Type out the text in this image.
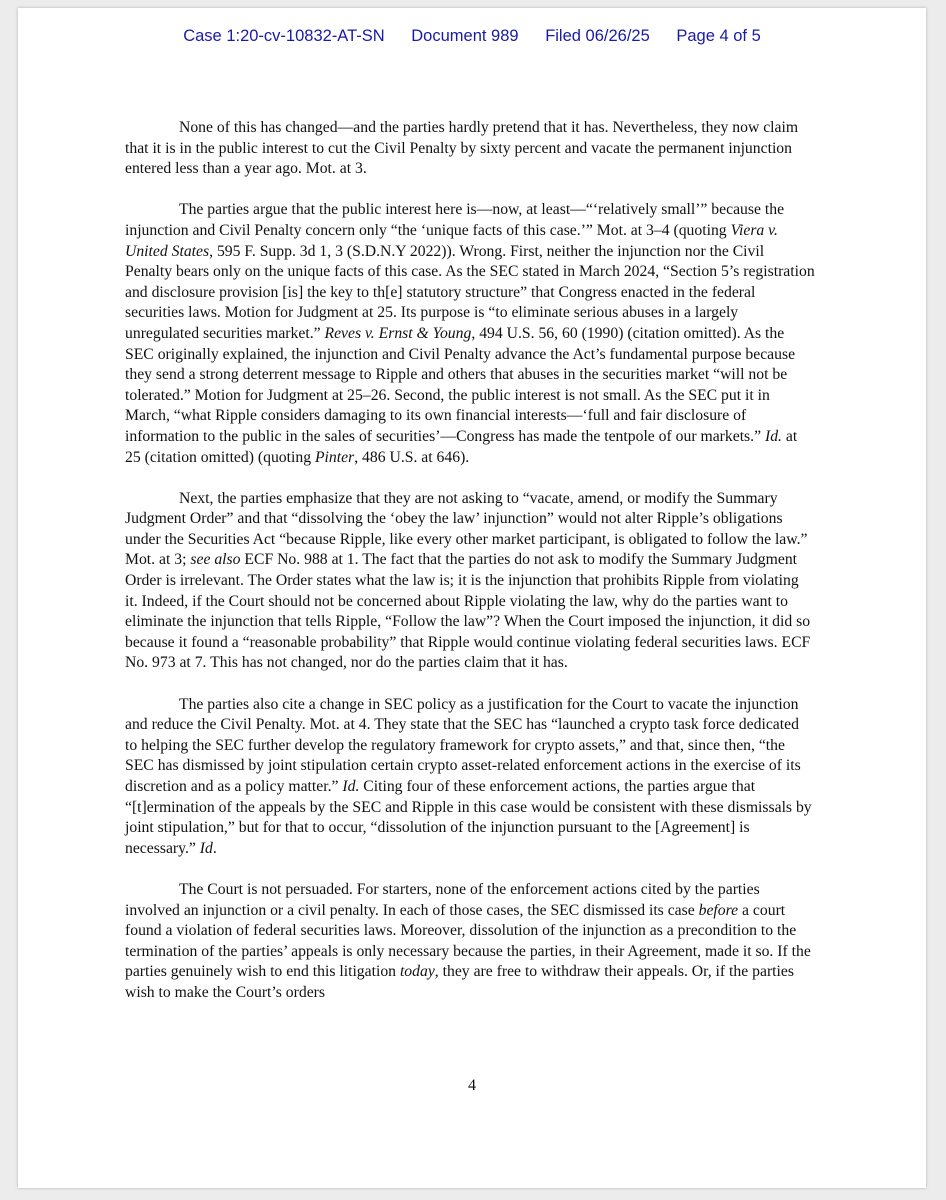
Case 1:20-cv-10832-AT-SN Document 989 Filed 06/26/25 Page 4 of 5

None of this has changed—and the parties hardly pretend that it has. Nevertheless, they now claim that it is in the public interest to cut the Civil Penalty by sixty percent and vacate the permanent injunction entered less than a year ago. Mot. at 3.

The parties argue that the public interest here is—now, at least—“‘relatively small’” because the injunction and Civil Penalty concern only “the ‘unique facts of this case.’” Mot. at 3–4 (quoting Viera v. United States, 595 F. Supp. 3d 1, 3 (S.D.N.Y 2022)). Wrong. First, neither the injunction nor the Civil Penalty bears only on the unique facts of this case. As the SEC stated in March 2024, “Section 5’s registration and disclosure provision [is] the key to th[e] statutory structure” that Congress enacted in the federal securities laws. Motion for Judgment at 25. Its purpose is “to eliminate serious abuses in a largely unregulated securities market.” Reves v. Ernst & Young, 494 U.S. 56, 60 (1990) (citation omitted). As the SEC originally explained, the injunction and Civil Penalty advance the Act’s fundamental purpose because they send a strong deterrent message to Ripple and others that abuses in the securities market “will not be tolerated.” Motion for Judgment at 25–26. Second, the public interest is not small. As the SEC put it in March, “what Ripple considers damaging to its own financial interests—‘full and fair disclosure of information to the public in the sales of securities’—Congress has made the tentpole of our markets.” Id. at 25 (citation omitted) (quoting Pinter, 486 U.S. at 646).

Next, the parties emphasize that they are not asking to “vacate, amend, or modify the Summary Judgment Order” and that “dissolving the ‘obey the law’ injunction” would not alter Ripple’s obligations under the Securities Act “because Ripple, like every other market participant, is obligated to follow the law.” Mot. at 3; see also ECF No. 988 at 1. The fact that the parties do not ask to modify the Summary Judgment Order is irrelevant. The Order states what the law is; it is the injunction that prohibits Ripple from violating it. Indeed, if the Court should not be concerned about Ripple violating the law, why do the parties want to eliminate the injunction that tells Ripple, “Follow the law”? When the Court imposed the injunction, it did so because it found a “reasonable probability” that Ripple would continue violating federal securities laws. ECF No. 973 at 7. This has not changed, nor do the parties claim that it has.

The parties also cite a change in SEC policy as a justification for the Court to vacate the injunction and reduce the Civil Penalty. Mot. at 4. They state that the SEC has “launched a crypto task force dedicated to helping the SEC further develop the regulatory framework for crypto assets,” and that, since then, “the SEC has dismissed by joint stipulation certain crypto asset-related enforcement actions in the exercise of its discretion and as a policy matter.” Id. Citing four of these enforcement actions, the parties argue that “[t]ermination of the appeals by the SEC and Ripple in this case would be consistent with these dismissals by joint stipulation,” but for that to occur, “dissolution of the injunction pursuant to the [Agreement] is necessary.” Id.

The Court is not persuaded. For starters, none of the enforcement actions cited by the parties involved an injunction or a civil penalty. In each of those cases, the SEC dismissed its case before a court found a violation of federal securities laws. Moreover, dissolution of the injunction as a precondition to the termination of the parties’ appeals is only necessary because the parties, in their Agreement, made it so. If the parties genuinely wish to end this litigation today, they are free to withdraw their appeals. Or, if the parties wish to make the Court’s orders

4
